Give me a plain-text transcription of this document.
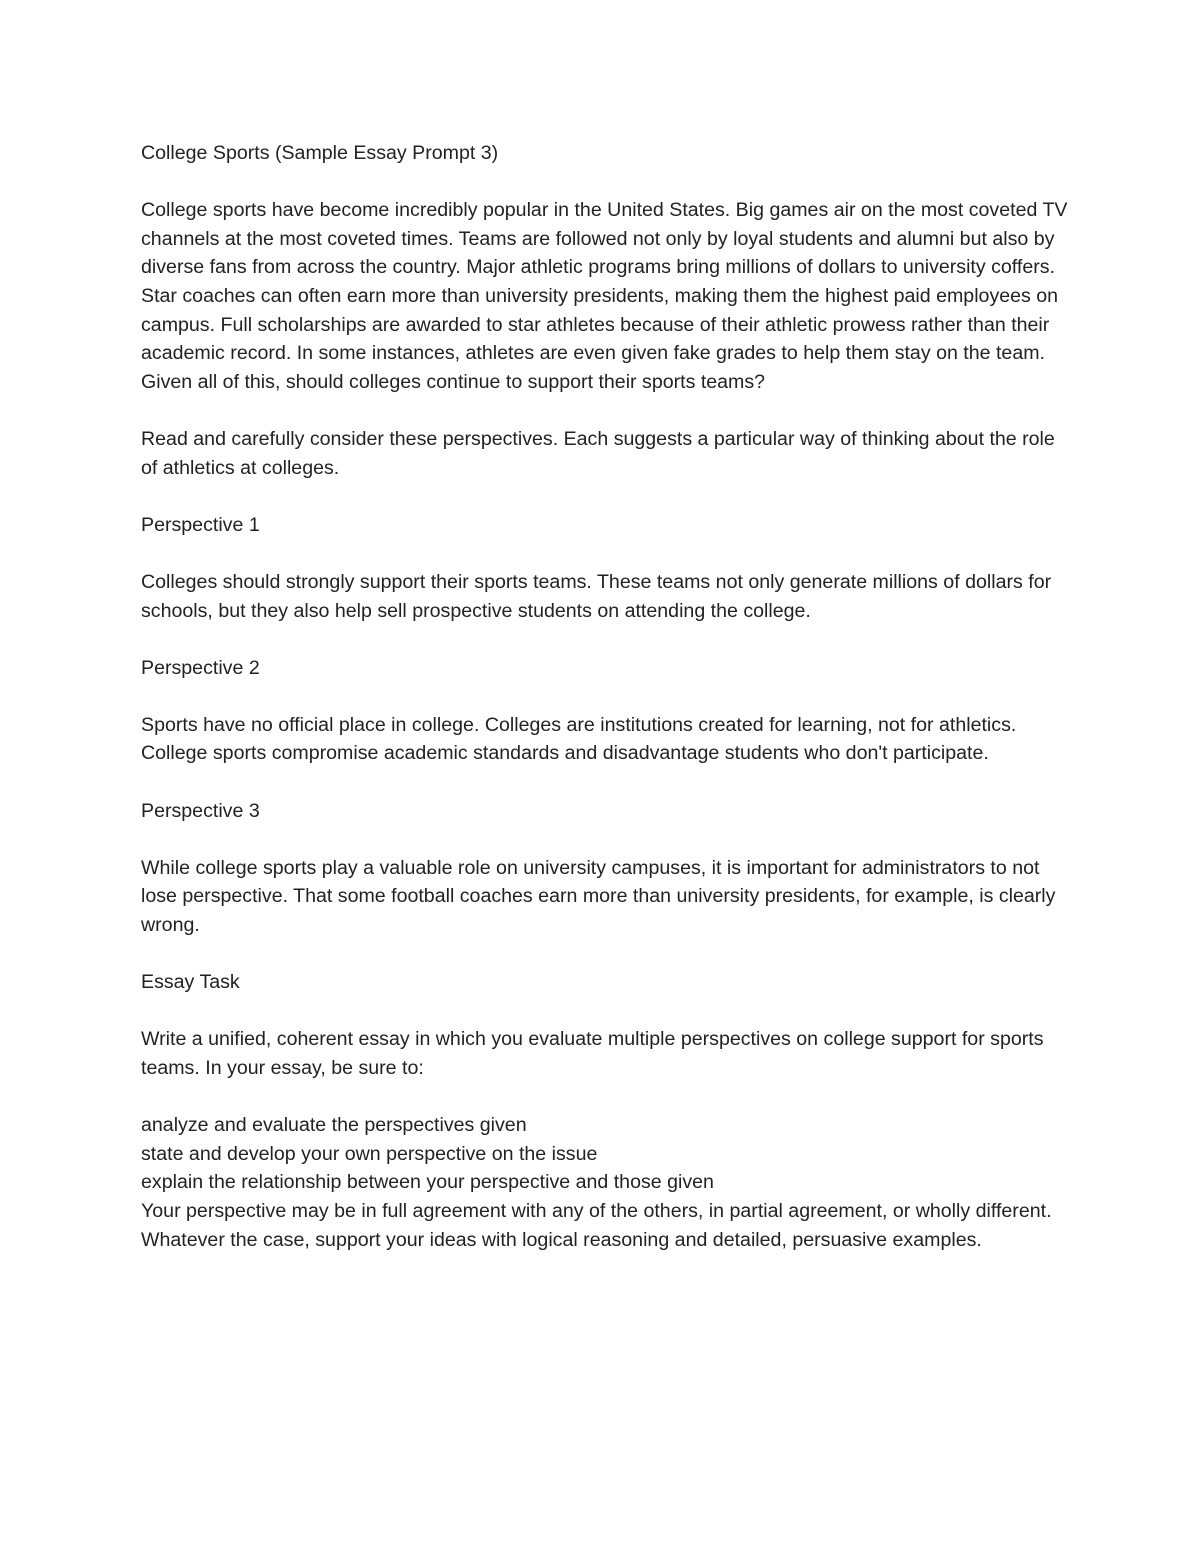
College Sports (Sample Essay Prompt 3)

College sports have become incredibly popular in the United States. Big games air on the most coveted TV channels at the most coveted times. Teams are followed not only by loyal students and alumni but also by diverse fans from across the country. Major athletic programs bring millions of dollars to university coffers. Star coaches can often earn more than university presidents, making them the highest paid employees on campus. Full scholarships are awarded to star athletes because of their athletic prowess rather than their academic record. In some instances, athletes are even given fake grades to help them stay on the team. Given all of this, should colleges continue to support their sports teams?

Read and carefully consider these perspectives. Each suggests a particular way of thinking about the role of athletics at colleges.

Perspective 1

Colleges should strongly support their sports teams. These teams not only generate millions of dollars for schools, but they also help sell prospective students on attending the college.

Perspective 2

Sports have no official place in college. Colleges are institutions created for learning, not for athletics. College sports compromise academic standards and disadvantage students who don't participate.

Perspective 3

While college sports play a valuable role on university campuses, it is important for administrators to not lose perspective. That some football coaches earn more than university presidents, for example, is clearly wrong.

Essay Task

Write a unified, coherent essay in which you evaluate multiple perspectives on college support for sports teams. In your essay, be sure to:

analyze and evaluate the perspectives given
state and develop your own perspective on the issue
explain the relationship between your perspective and those given
Your perspective may be in full agreement with any of the others, in partial agreement, or wholly different. Whatever the case, support your ideas with logical reasoning and detailed, persuasive examples.
